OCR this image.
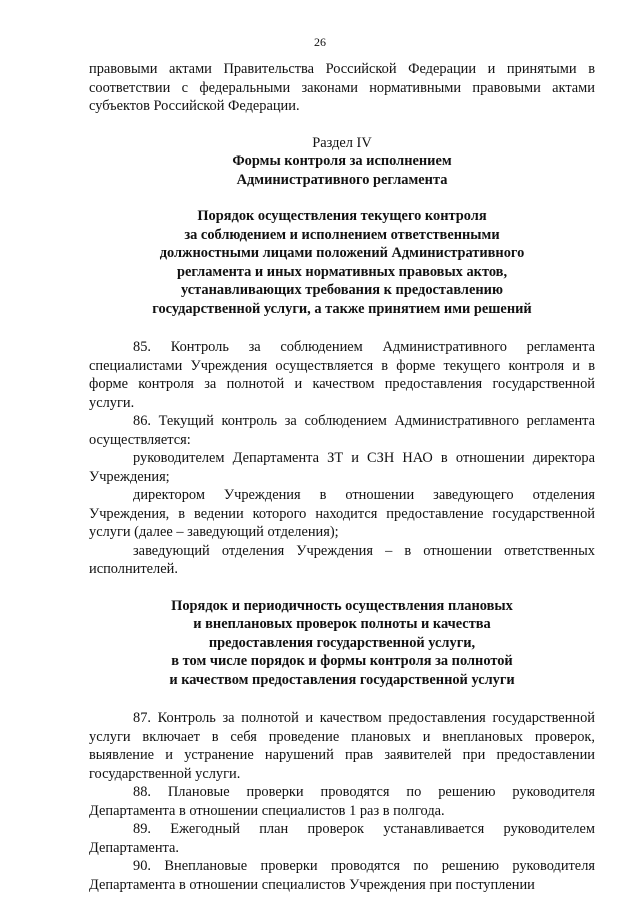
26

правовыми актами Правительства Российской Федерации и принятыми в соответствии с федеральными законами нормативными правовыми актами субъектов Российской Федерации.

Раздел IV

Формы контроля за исполнением
Административного регламента
Порядок осуществления текущего контроля
за соблюдением и исполнением ответственными
должностными лицами положений Административного
регламента и иных нормативных правовых актов,
устанавливающих требования к предоставлению
государственной услуги, а также принятием ими решений

85. Контроль за соблюдением Административного регламента специалистами Учреждения осуществляется в форме текущего контроля и в форме контроля за полнотой и качеством предоставления государственной услуги.

86. Текущий контроль за соблюдением Административного регламента осуществляется:

руководителем Департамента ЗТ и СЗН НАО в отношении директора Учреждения;

директором Учреждения в отношении заведующего отделения Учреждения, в ведении которого находится предоставление государственной услуги (далее – заведующий отделения);

заведующий отделения Учреждения – в отношении ответственных исполнителей.

Порядок и периодичность осуществления плановых
и внеплановых проверок полноты и качества
предоставления государственной услуги,
в том числе порядок и формы контроля за полнотой
и качеством предоставления государственной услуги

87. Контроль за полнотой и качеством предоставления государственной услуги включает в себя проведение плановых и внеплановых проверок, выявление и устранение нарушений прав заявителей при предоставлении государственной услуги.

88. Плановые проверки проводятся по решению руководителя Департамента в отношении специалистов 1 раз в полгода.

89. Ежегодный план проверок устанавливается руководителем Департамента.

90. Внеплановые проверки проводятся по решению руководителя Департамента в отношении специалистов Учреждения при поступлении
